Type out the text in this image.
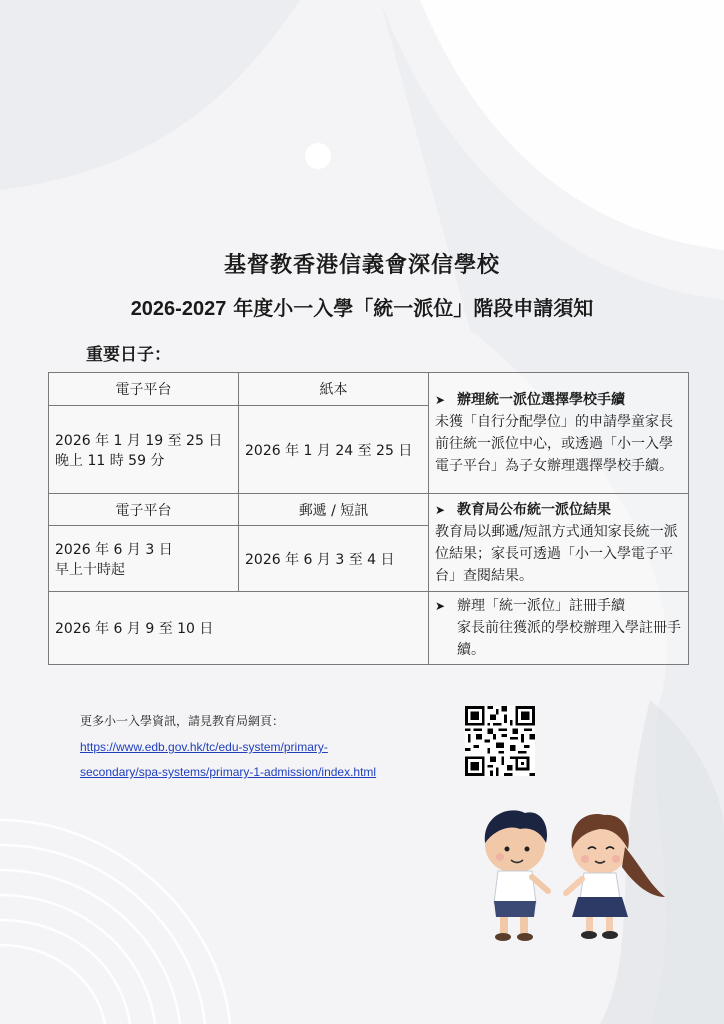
基督教香港信義會深信學校
2026-2027 年度小一入學「統一派位」階段申請須知
重要日子：
電子平台	紙本	➤ 辦理統一派位選擇學校手續
未獲「自行分配學位」的申請學童家長前往統一派位中心，或透過「小一入學電子平台」為子女辦理選擇學校手續。

2026 年 1 月 19 至 25 日
晚上 11 時 59 分	2026 年 1 月 24 至 25 日	
電子平台	郵遞 / 短訊	➤ 教育局公布統一派位結果
教育局以郵遞/短訊方式通知家長統一派位結果；家長可透過「小一入學電子平台」查閱結果。

2026 年 6 月 3 日
早上十時起	2026 年 6 月 3 至 4 日	
2026 年 6 月 9 至 10 日		➤ 辦理「統一派位」註冊手續
家長前往獲派的學校辦理入學註冊手續。
更多小一入學資訊，請見教育局網頁：
https://www.edb.gov.hk/tc/edu-system/primary-
secondary/spa-systems/primary-1-admission/index.html
